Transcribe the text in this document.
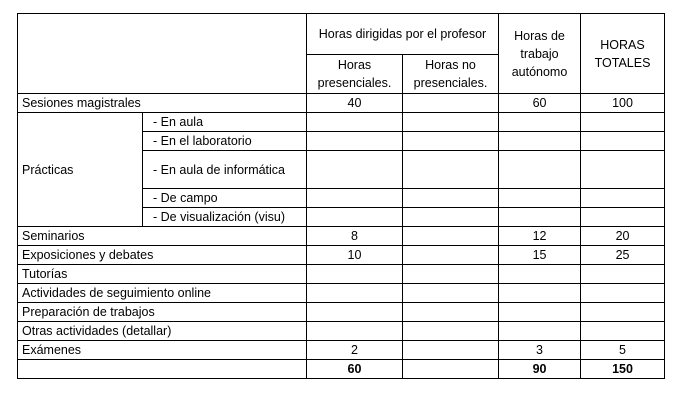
		Horas dirigidas por el profesor		Horas de trabajo autónomo	HORAS TOTALES
		Horas presenciales.	Horas no presenciales.		
Sesiones magistrales		40		60	100
Prácticas	- En aula				
	- En el laboratorio				
	- En aula de informática				
	- De campo				
	- De visualización (visu)				
Seminarios		8		12	20
Exposiciones y debates		10		15	25
Tutorías					
Actividades de seguimiento online					
Preparación de trabajos					
Otras actividades (detallar)					
Exámenes		2		3	5
		60		90	150
